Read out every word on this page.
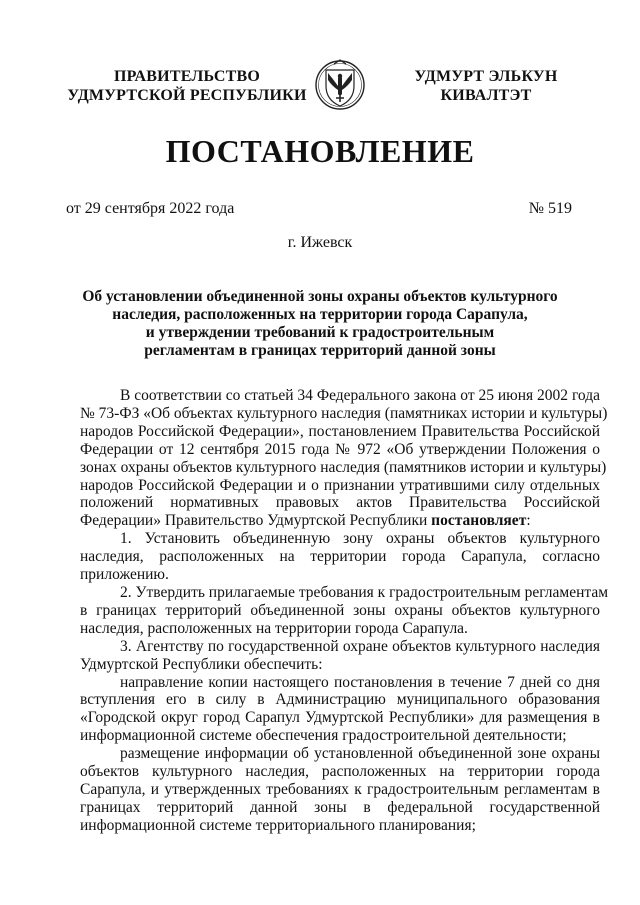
ПРАВИТЕЛЬСТВО
УДМУРТСКОЙ РЕСПУБЛИКИ
УДМУРТ ЭЛЬКУН
КИВАЛТЭТ
ПОСТАНОВЛЕНИЕ
от 29 сентября 2022 года	№ 519
г. Ижевск
Об установлении объединенной зоны охраны объектов культурного
наследия, расположенных на территории города Сарапула,
и утверждении требований к градостроительным
регламентам в границах территорий данной зоны
В соответствии со статьей 34 Федерального закона от 25 июня 2002 года
№ 73-ФЗ «Об объектах культурного наследия (памятниках истории и культуры)
народов Российской Федерации», постановлением Правительства Российской
Федерации от 12 сентября 2015 года № 972 «Об утверждении Положения о
зонах охраны объектов культурного наследия (памятников истории и культуры)
народов Российской Федерации и о признании утратившими силу отдельных
положений нормативных правовых актов Правительства Российской
Федерации» Правительство Удмуртской Республики постановляет:
1. Установить объединенную зону охраны объектов культурного
наследия, расположенных на территории города Сарапула, согласно
приложению.
2. Утвердить прилагаемые требования к градостроительным регламентам
в границах территорий объединенной зоны охраны объектов культурного
наследия, расположенных на территории города Сарапула.
3. Агентству по государственной охране объектов культурного наследия
Удмуртской Республики обеспечить:
направление копии настоящего постановления в течение 7 дней со дня
вступления его в силу в Администрацию муниципального образования
«Городской округ город Сарапул Удмуртской Республики» для размещения в
информационной системе обеспечения градостроительной деятельности;
размещение информации об установленной объединенной зоне охраны
объектов культурного наследия, расположенных на территории города
Сарапула, и утвержденных требованиях к градостроительным регламентам в
границах территорий данной зоны в федеральной государственной
информационной системе территориального планирования;
